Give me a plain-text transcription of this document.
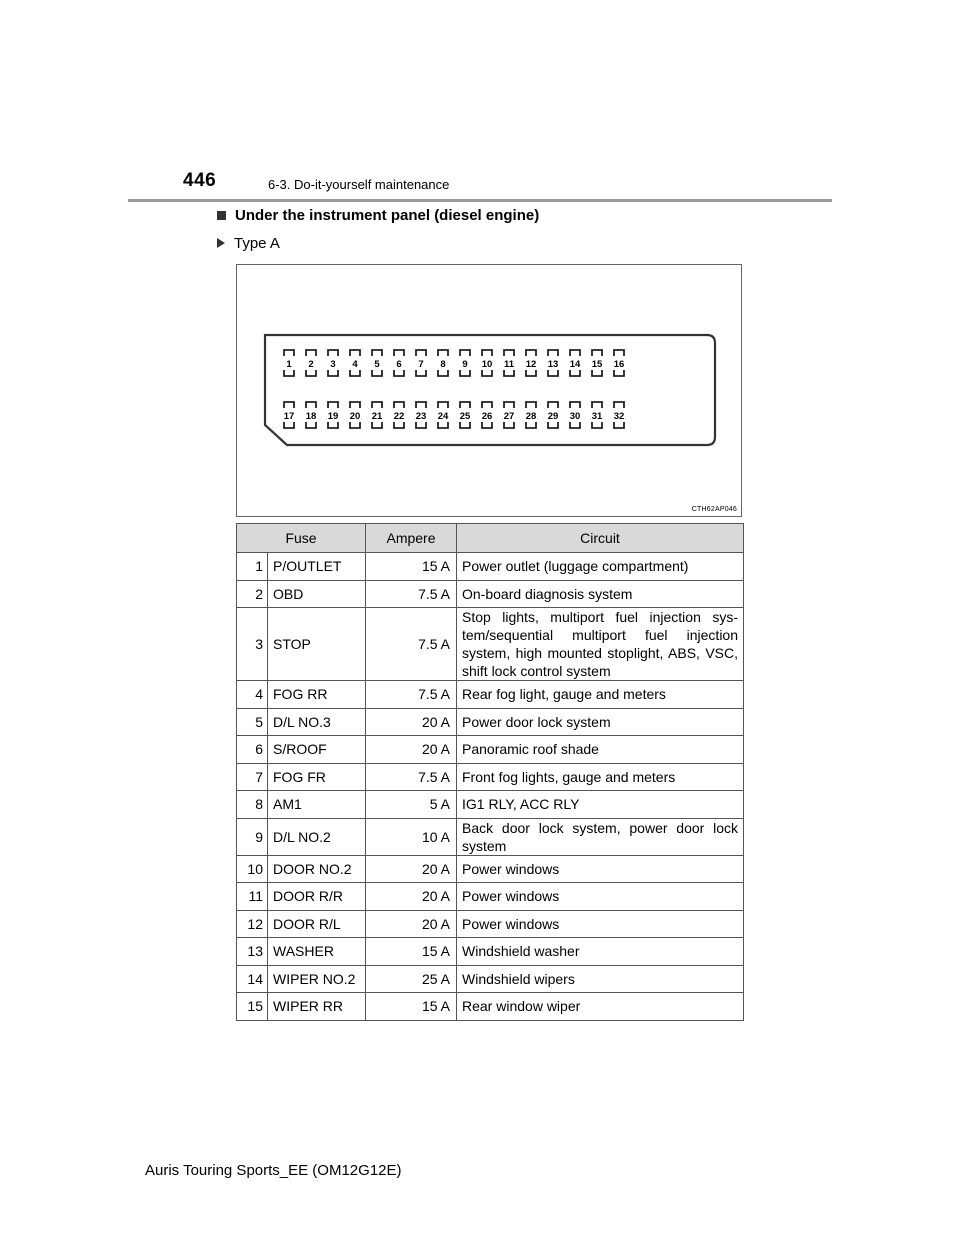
446	6-3. Do-it-yourself maintenance
Under the instrument panel (diesel engine)
Type A
1 2 3 4 5 6 7 8 9 10 11 12 13 14 15 16
17 18 19 20 21 22 23 24 25 26 27 28 29 30 31 32
CTH62AP046
Fuse		Ampere	Circuit
1	P/OUTLET	15 A	Power outlet (luggage compartment)
2	OBD	7.5 A	On-board diagnosis system
3	STOP	7.5 A	Stop lights, multiport fuel injection sys-tem/sequential multiport fuel injection system, high mounted stoplight, ABS, VSC, shift lock control system
4	FOG RR	7.5 A	Rear fog light, gauge and meters
5	D/L NO.3	20 A	Power door lock system
6	S/ROOF	20 A	Panoramic roof shade
7	FOG FR	7.5 A	Front fog lights, gauge and meters
8	AM1	5 A	IG1 RLY, ACC RLY
9	D/L NO.2	10 A	Back door lock system, power door lock system
10	DOOR NO.2	20 A	Power windows
11	DOOR R/R	20 A	Power windows
12	DOOR R/L	20 A	Power windows
13	WASHER	15 A	Windshield washer
14	WIPER NO.2	25 A	Windshield wipers
15	WIPER RR	15 A	Rear window wiper
Auris Touring Sports_EE (OM12G12E)
